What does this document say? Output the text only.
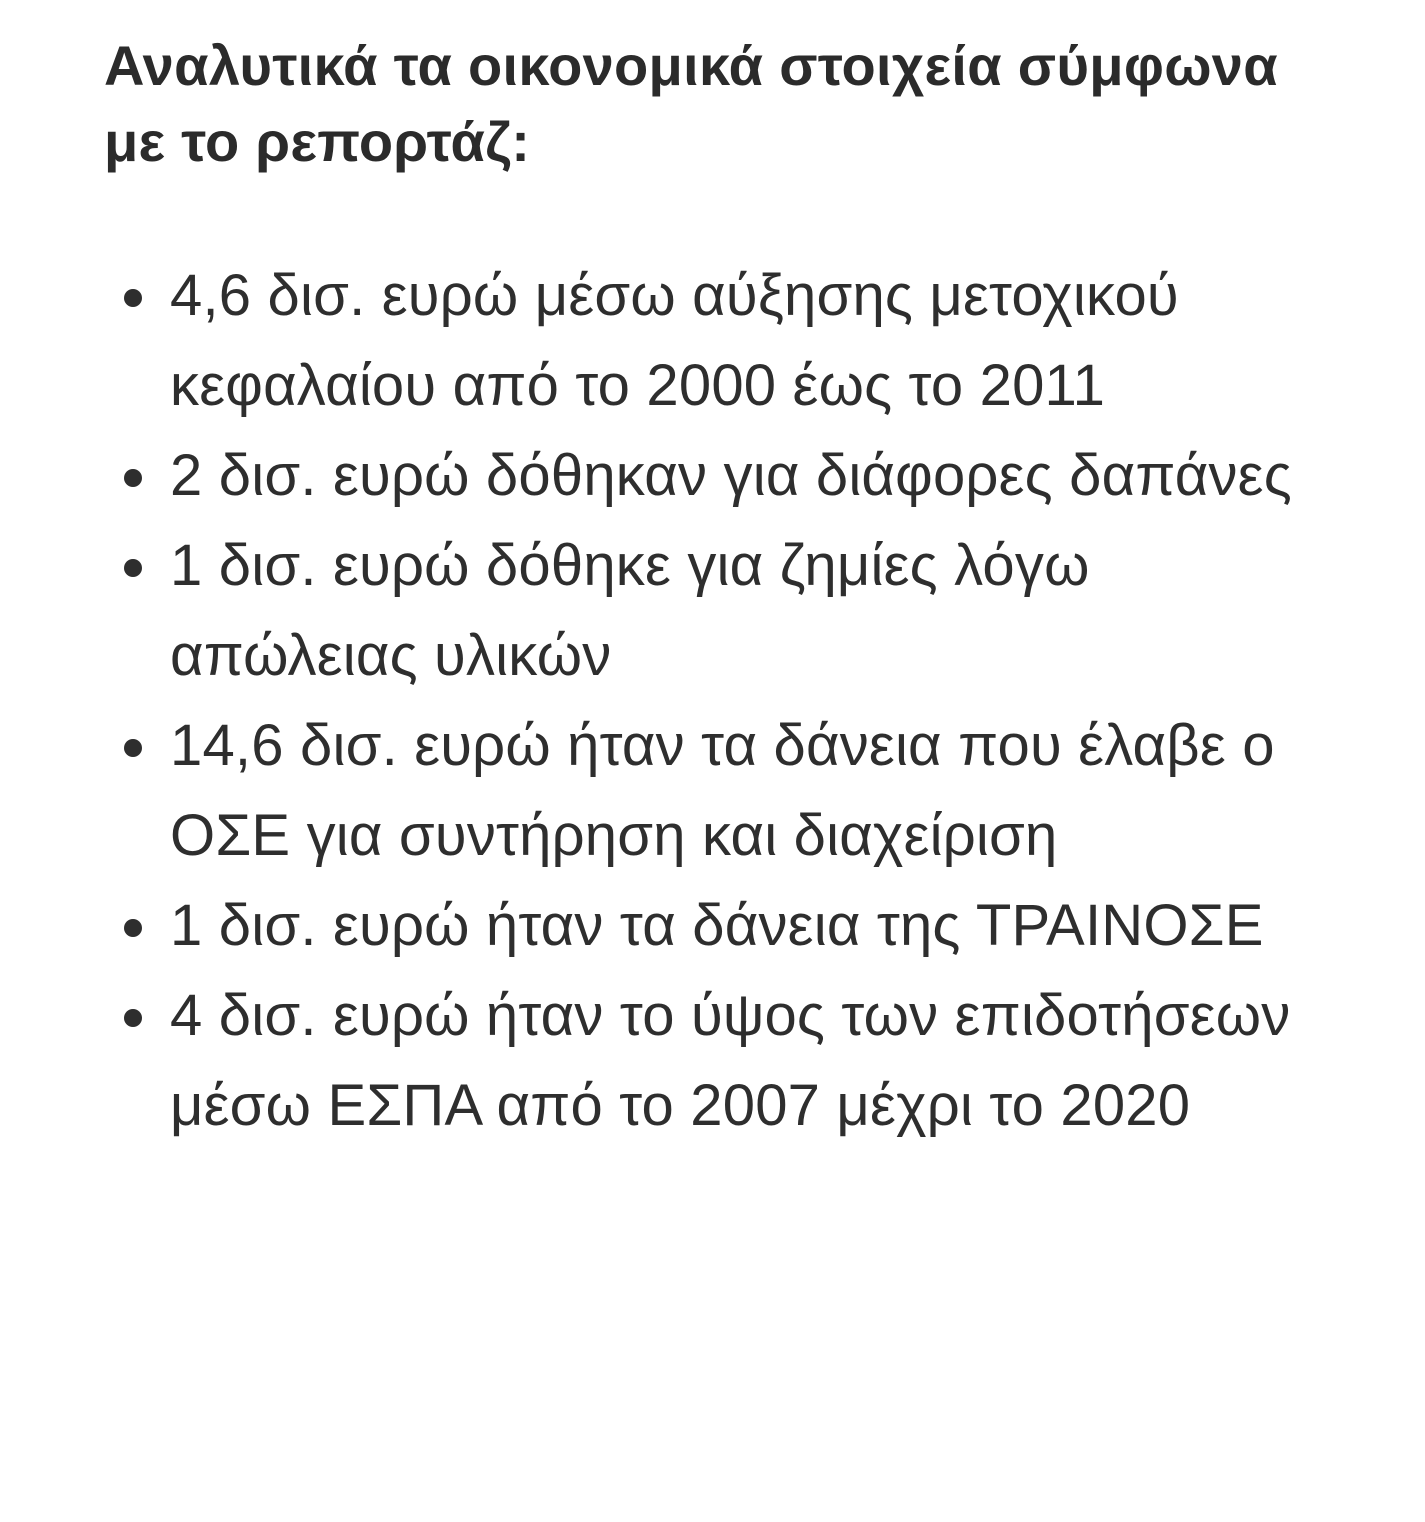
Αναλυτικά τα οικονομικά στοιχεία σύμφωνα με το ρεπορτάζ:
4,6 δισ. ευρώ μέσω αύξησης μετοχικού κεφαλαίου από το 2000 έως το 2011
2 δισ. ευρώ δόθηκαν για διάφορες δαπάνες
1 δισ. ευρώ δόθηκε για ζημίες λόγω απώλειας υλικών
14,6 δισ. ευρώ ήταν τα δάνεια που έλαβε ο ΟΣΕ για συντήρηση και διαχείριση
1 δισ. ευρώ ήταν τα δάνεια της ΤΡΑΙΝΟΣΕ
4 δισ. ευρώ ήταν το ύψος των επιδοτήσεων μέσω ΕΣΠΑ από το 2007 μέχρι το 2020
